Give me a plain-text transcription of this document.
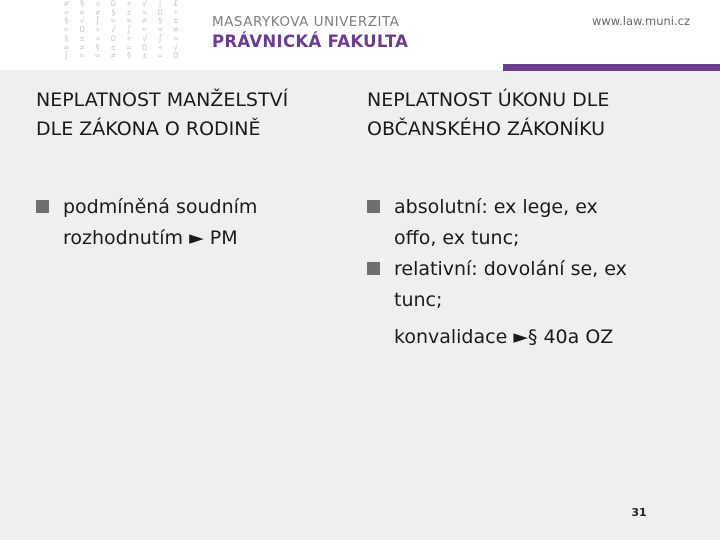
≠ § = Ω ÷ √ ∫ £
≈ ∞ ≠ § ± = Ω ÷
§ √ ∫ ≈ ∞ ≠ § ±
= Ω ÷ √ ∫ ≈ ∞ ≠
§ ± = Ω ÷ √ ∫ ≈
∞ ≠ § ± = Ω ÷ √
∫ ≈ ∞ ≠ § ± = Ω
MASARYKOVA UNIVERZITA
PRÁVNICKÁ FAKULTA
www.law.muni.cz
NEPLATNOST MANŽELSTVÍ
DLE ZÁKONA O RODINĚ
podmíněná soudním
rozhodnutím ► PM
NEPLATNOST ÚKONU DLE
OBČANSKÉHO ZÁKONÍKU
absolutní: ex lege, ex
offo, ex tunc;
relativní: dovolání se, ex
tunc;
konvalidace ►§ 40a OZ
31
